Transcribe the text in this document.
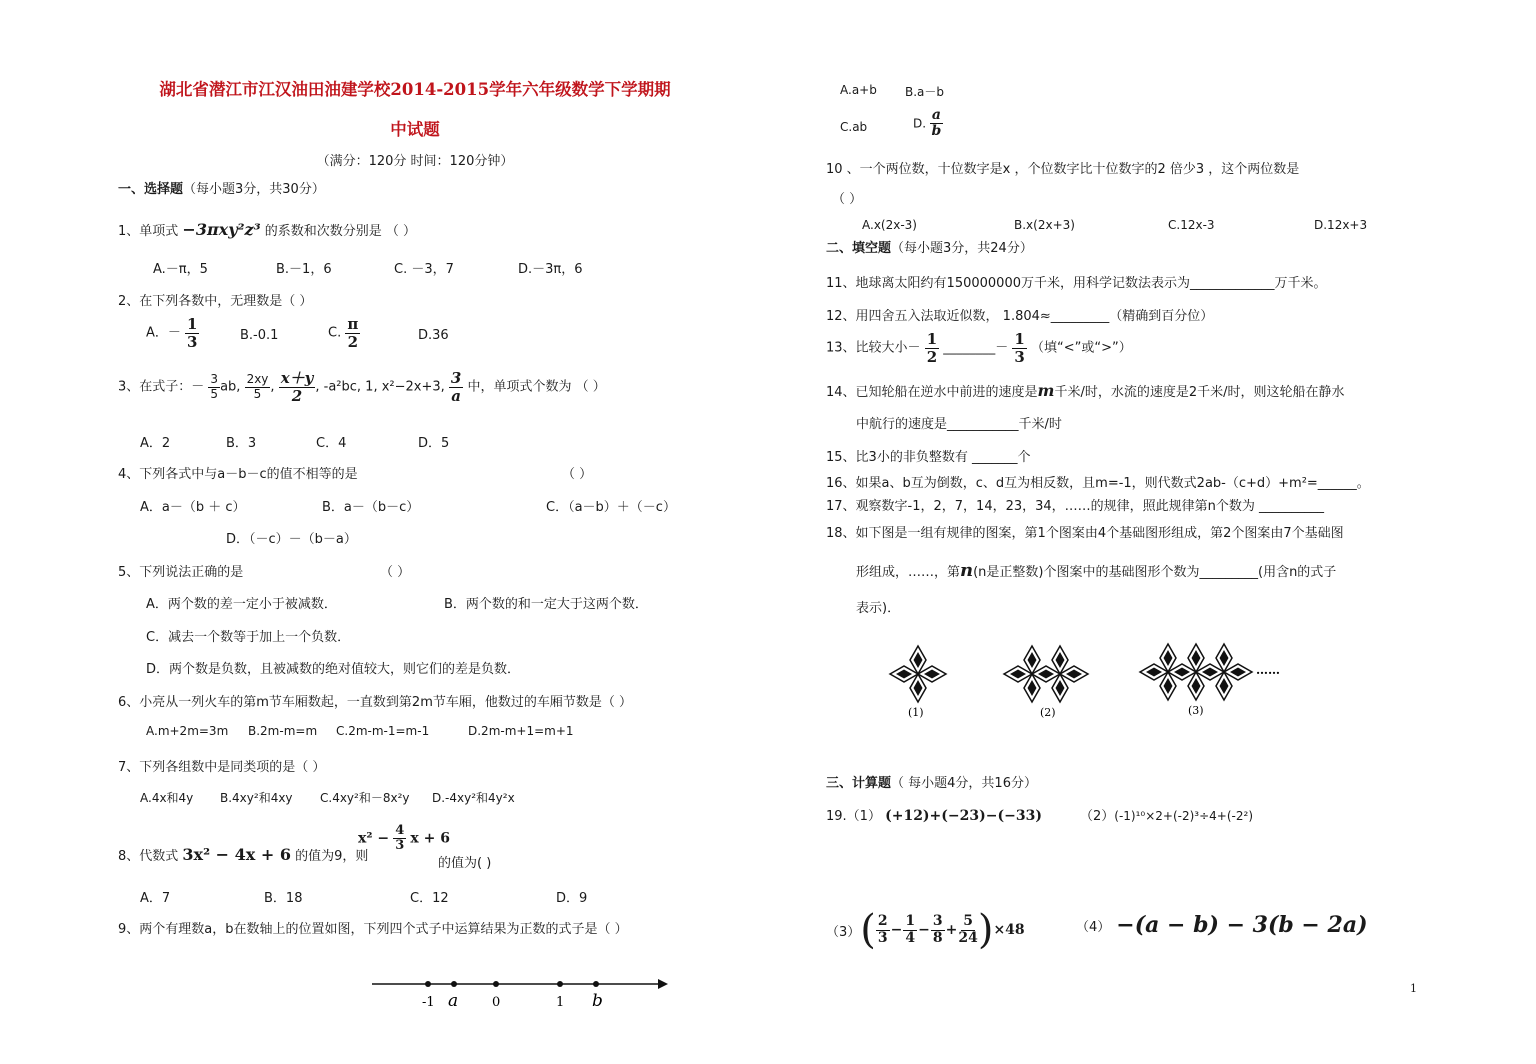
湖北省潜江市江汉油田油建学校2014-2015学年六年级数学下学期期
中试题
（满分：120分 时间：120分钟）
一、选择题（每小题3分，共30分）
1、单项式 −3πxy²z³ 的系数和次数分别是 （ ）
A.－π，5	B.－1，6	C. －3，7	D.－3π，6
2、在下列各数中，无理数是（ ）
A．－ $\frac{1}{3}$	B.-0.1	C. $\frac{\pi}{2}$	D.36
3、在式子：－ $\frac{3}{5}$ ab, $\frac{2xy}{5}$ , $\frac{x+y}{2}$ , -a²bc, 1, x²−2x+3, $\frac{3}{a}$ 中，单项式个数为 （ ）
A．2	B．3	C．4	D．5
4、下列各式中与a－b－c的值不相等的是	（ ）
A．a－（b ＋ c）	B．a－（b－c）	C．（a－b）＋（－c）
D．（－c）－（b－a）
5、下列说法正确的是	（ ）
A．两个数的差一定小于被减数．	B．两个数的和一定大于这两个数．
C．减去一个数等于加上一个负数．
D．两个数是负数，且被减数的绝对值较大，则它们的差是负数．
6、小亮从一列火车的第m节车厢数起，一直数到第2m节车厢，他数过的车厢节数是（ ）
A.m+2m=3m B.2m-m=m C.2m-m-1=m-1	D.2m-m+1=m+1
7、下列各组数中是同类项的是（ ）
A.4x和4y B.4xy²和4xy C.4xy²和－8x²y D.-4xy²和4y²x
8、代数式 3x² − 4x + 6 的值为9，则
$x^2 - \frac{4}{3}$ x + 6
的值为( )
A．7	B．18	C．12	D．9
9、两个有理数a，b在数轴上的位置如图，下列四个式子中运算结果为正数的式子是（ ）
-1 a	0	1 b
A.a+b B.a－b
C.ab	D. $\frac{a}{b}$
10 、一个两位数，十位数字是x ，个位数字比十位数字的2 倍少3 ，这个两位数是
（ ）
A.x(2x-3)	B.x(2x+3)	C.12x-3	D.12x+3
二、填空题（每小题3分，共24分）
11、地球离太阳约有150000000万千米，用科学记数法表示为_____________万千米。
12、用四舍五入法取近似数， 1.804≈_________（精确到百分位）
13、比较大小－ $\frac{1}{2}$ ________－ $\frac{1}{3}$ （填“<”或“>”）
14、已知轮船在逆水中前进的速度是m千米/时，水流的速度是2千米/时，则这轮船在静水
中航行的速度是___________千米/时
15、比3小的非负整数有 _______个
16、如果a、b互为倒数，c、d互为相反数，且m=-1，则代数式2ab-（c+d）+m²=______。
17、观察数字-1，2，7，14，23，34，……的规律，照此规律第n个数为 __________
18、如下图是一组有规律的图案，第1个图案由4个基础图形组成，第2个图案由7个基础图
形组成，……，第n(n是正整数)个图案中的基础图形个数为_________(用含n的式子
表示)．
(1)	(2)	(3)
……
三、计算题（ 每小题4分，共16分）
19.（1） (+12)+(−23)−(−33)	（2）(-1)¹⁰×2+(-2)³÷4+(-2²)
（3） ( $\frac{2}{3} - \frac{1}{4} - \frac{3}{8} + \frac{5}{24}$ ) ×48	（4） −(a − b) − 3(b − 2a)
1
